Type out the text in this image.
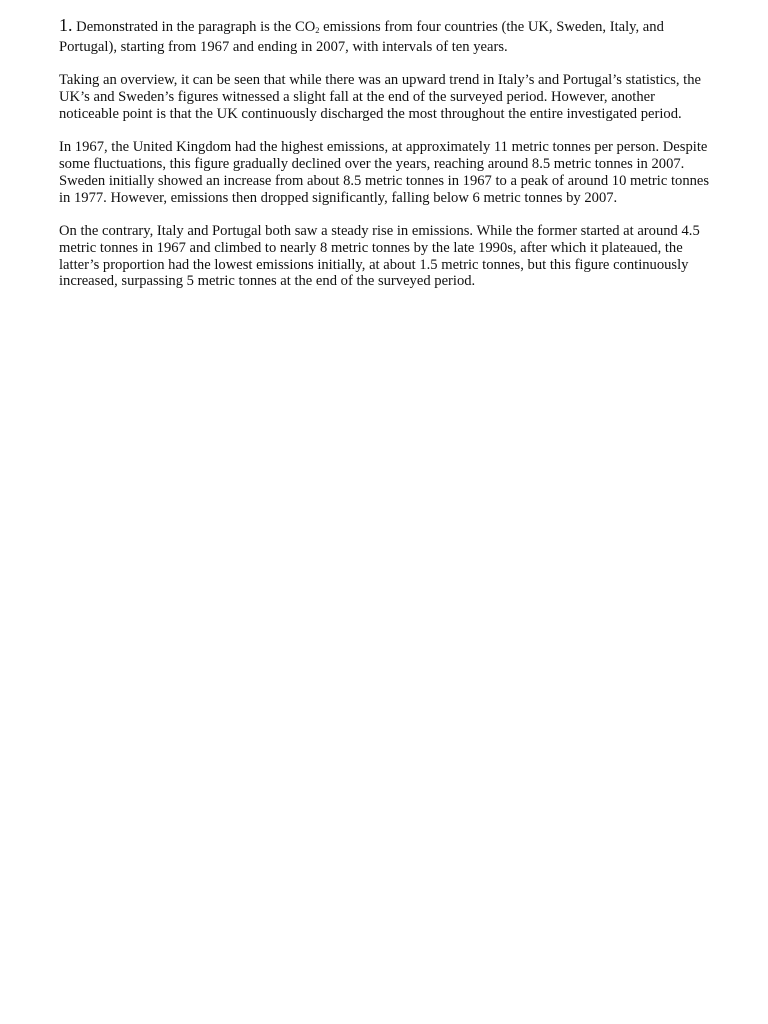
1. Demonstrated in the paragraph is the $CO_2$ emissions from four countries (the UK, Sweden, Italy, and Portugal), starting from 1967 and ending in 2007, with intervals of ten years.

Taking an overview, it can be seen that while there was an upward trend in Italy’s and Portugal’s statistics, the UK’s and Sweden’s figures witnessed a slight fall at the end of the surveyed period. However, another noticeable point is that the UK continuously discharged the most throughout the entire investigated period.

In 1967, the United Kingdom had the highest emissions, at approximately 11 metric tonnes per person. Despite some fluctuations, this figure gradually declined over the years, reaching around 8.5 metric tonnes in 2007. Sweden initially showed an increase from about 8.5 metric tonnes in 1967 to a peak of around 10 metric tonnes in 1977. However, emissions then dropped significantly, falling below 6 metric tonnes by 2007.

On the contrary, Italy and Portugal both saw a steady rise in emissions. While the former started at around 4.5 metric tonnes in 1967 and climbed to nearly 8 metric tonnes by the late 1990s, after which it plateaued, the latter’s proportion had the lowest emissions initially, at about 1.5 metric tonnes, but this figure continuously increased, surpassing 5 metric tonnes at the end of the surveyed period.
